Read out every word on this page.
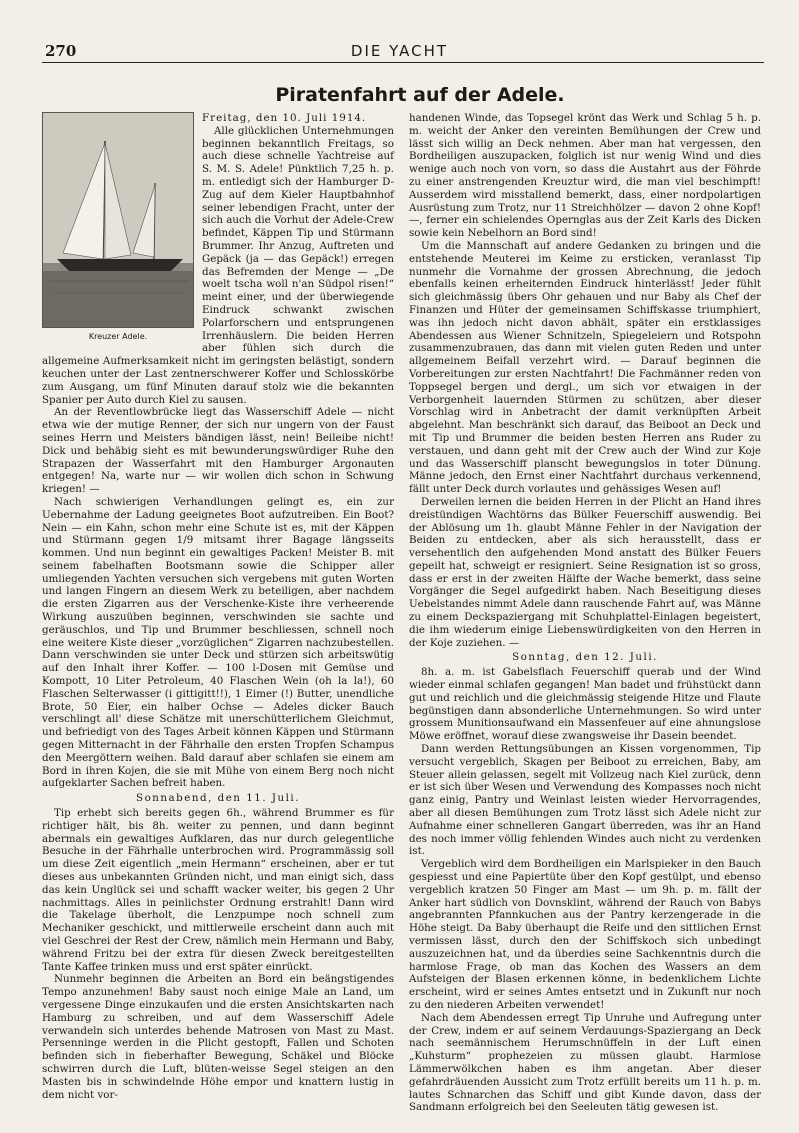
270	DIE YACHT
Piratenfahrt auf der Adele.
Kreuzer Adele.

Freitag, den 10. Juli 1914.

Alle glücklichen Unternehmungen beginnen bekanntlich Freitags, so auch diese schnelle Yachtreise auf S. M. S. Adele! Pünktlich 7,25 h. p. m. entledigt sich der Hamburger D-Zug auf dem Kieler Hauptbahnhof seiner lebendigen Fracht, unter der sich auch die Vorhut der Adele-Crew befindet, Käppen Tip und Stürmann Brummer. Ihr Anzug, Auftreten und Gepäck (ja — das Gepäck!) erregen das Befremden der Menge — „De woelt tscha woll n'an Südpol risen!“ meint einer, und der überwiegende Eindruck schwankt zwischen Polarforschern und entsprungenen Irrenhäuslern. Die beiden Herren aber fühlen sich durch die allgemeine Aufmerksamkeit nicht im geringsten belästigt, sondern keuchen unter der Last zentnerschwerer Koffer und Schlosskörbe zum Ausgang, um fünf Minuten darauf stolz wie die bekannten Spanier per Auto durch Kiel zu sausen.

An der Reventlowbrücke liegt das Wasserschiff Adele — nicht etwa wie der mutige Renner, der sich nur ungern von der Faust seines Herrn und Meisters bändigen lässt, nein! Beileibe nicht! Dick und behäbig sieht es mit bewunderungswürdiger Ruhe den Strapazen der Wasserfahrt mit den Hamburger Argonauten entgegen! Na, warte nur — wir wollen dich schon in Schwung kriegen! —

Nach schwierigen Verhandlungen gelingt es, ein zur Uebernahme der Ladung geeignetes Boot aufzutreiben. Ein Boot? Nein — ein Kahn, schon mehr eine Schute ist es, mit der Käppen und Stürmann gegen 1/9 mitsamt ihrer Bagage längsseits kommen. Und nun beginnt ein gewaltiges Packen! Meister B. mit seinem fabelhaften Bootsmann sowie die Schipper aller umliegenden Yachten versuchen sich vergebens mit guten Worten und langen Fingern an diesem Werk zu beteiligen, aber nachdem die ersten Zigarren aus der Verschenke-Kiste ihre verheerende Wirkung auszuüben beginnen, verschwinden sie sachte und geräuschlos, und Tip und Brummer beschliessen, schnell noch eine weitere Kiste dieser „vorzüglichen“ Zigarren nachzubestellen. Dann verschwinden sie unter Deck und stürzen sich arbeitswütig auf den Inhalt ihrer Koffer. — 100 l-Dosen mit Gemüse und Kompott, 10 Liter Petroleum, 40 Flaschen Wein (oh la la!), 60 Flaschen Selterwasser (i gittigitt!!), 1 Eimer (!) Butter, unendliche Brote, 50 Eier, ein halber Ochse — Adeles dicker Bauch verschlingt all' diese Schätze mit unerschütterlichem Gleichmut, und befriedigt von des Tages Arbeit können Käppen und Stürmann gegen Mitternacht in der Fährhalle den ersten Tropfen Schampus den Meergöttern weihen. Bald darauf aber schlafen sie einem am Bord in ihren Kojen, die sie mit Mühe von einem Berg noch nicht aufgeklarter Sachen befreit haben.

Sonnabend, den 11. Juli.

Tip erhebt sich bereits gegen 6h., während Brummer es für richtiger hält, bis 8h. weiter zu pennen, und dann beginnt abermals ein gewaltiges Aufklaren, das nur durch gelegentliche Besuche in der Fährhalle unterbrochen wird. Programmässig soll um diese Zeit eigentlich „mein Hermann“ erscheinen, aber er tut dieses aus unbekannten Gründen nicht, und man einigt sich, dass das kein Unglück sei und schafft wacker weiter, bis gegen 2 Uhr nachmittags. Alles in peinlichster Ordnung erstrahlt! Dann wird die Takelage überholt, die Lenzpumpe noch schnell zum Mechaniker geschickt, und mittlerweile erscheint dann auch mit viel Geschrei der Rest der Crew, nämlich mein Hermann und Baby, während Fritzu bei der extra für diesen Zweck bereitgestellten Tante Kaffee trinken muss und erst später einrückt.

Nunmehr beginnen die Arbeiten an Bord ein beängstigendes Tempo anzunehmen! Baby saust noch einige Male an Land, um vergessene Dinge einzukaufen und die ersten Ansichtskarten nach Hamburg zu schreiben, und auf dem Wasserschiff Adele verwandeln sich unterdes behende Matrosen von Mast zu Mast. Persenninge werden in die Plicht gestopft, Fallen und Schoten befinden sich in fieberhafter Bewegung, Schäkel und Blöcke schwirren durch die Luft, blüten-weisse Segel steigen an den Masten bis in schwindelnde Höhe empor und knattern lustig in dem nicht vor-

handenen Winde, das Topsegel krönt das Werk und Schlag 5 h. p. m. weicht der Anker den vereinten Bemühungen der Crew und lässt sich willig an Deck nehmen. Aber man hat vergessen, den Bordheiligen auszupacken, folglich ist nur wenig Wind und dies wenige auch noch von vorn, so dass die Austahrt aus der Föhrde zu einer anstrengenden Kreuztur wird, die man viel beschimpft! Ausserdem wird misstallend bemerkt, dass, einer nordpolartigen Ausrüstung zum Trotz, nur 11 Streichhölzer — davon 2 ohne Kopf! —, ferner ein schielendes Opernglas aus der Zeit Karls des Dicken sowie kein Nebelhorn an Bord sind!

Um die Mannschaft auf andere Gedanken zu bringen und die entstehende Meuterei im Keime zu ersticken, veranlasst Tip nunmehr die Vornahme der grossen Abrechnung, die jedoch ebenfalls keinen erheiternden Eindruck hinterlässt! Jeder fühlt sich gleichmässig übers Ohr gehauen und nur Baby als Chef der Finanzen und Hüter der gemeinsamen Schiffskasse triumphiert, was ihn jedoch nicht davon abhält, später ein erstklassiges Abendessen aus Wiener Schnitzeln, Spiegeleiern und Rotspohn zusammenzubrauen, das dann mit vielen guten Reden und unter allgemeinem Beifall verzehrt wird. — Darauf beginnen die Vorbereitungen zur ersten Nachtfahrt! Die Fachmänner reden von Toppsegel bergen und dergl., um sich vor etwaigen in der Verborgenheit lauernden Stürmen zu schützen, aber dieser Vorschlag wird in Anbetracht der damit verknüpften Arbeit abgelehnt. Man beschränkt sich darauf, das Beiboot an Deck und mit Tip und Brummer die beiden besten Herren ans Ruder zu verstauen, und dann geht mit der Crew auch der Wind zur Koje und das Wasserschiff planscht bewegungslos in toter Dünung. Männe jedoch, den Ernst einer Nachtfahrt durchaus verkennend, fällt unter Deck durch vorlautes und gehässiges Wesen auf!

Derweilen lernen die beiden Herren in der Plicht an Hand ihres dreistündigen Wachtörns das Bülker Feuerschiff auswendig. Bei der Ablösung um 1h. glaubt Männe Fehler in der Navigation der Beiden zu entdecken, aber als sich herausstellt, dass er versehentlich den aufgehenden Mond anstatt des Bülker Feuers gepeilt hat, schweigt er resigniert. Seine Resignation ist so gross, dass er erst in der zweiten Hälfte der Wache bemerkt, dass seine Vorgänger die Segel aufgedirkt haben. Nach Beseitigung dieses Uebelstandes nimmt Adele dann rauschende Fahrt auf, was Männe zu einem Deckspaziergang mit Schuhplattel-Einlagen begeistert, die ihm wiederum einige Liebenswürdigkeiten von den Herren in der Koje zuziehen. —

Sonntag, den 12. Juli.

8h. a. m. ist Gabelsflach Feuerschiff querab und der Wind wieder einmal schlafen gegangen! Man badet und frühstückt dann gut und reichlich und die gleichmässig steigende Hitze und Flaute begünstigen dann absonderliche Unternehmungen. So wird unter grossem Munitionsaufwand ein Massenfeuer auf eine ahnungslose Möwe eröffnet, worauf diese zwangsweise ihr Dasein beendet.

Dann werden Rettungsübungen an Kissen vorgenommen, Tip versucht vergeblich, Skagen per Beiboot zu erreichen, Baby, am Steuer allein gelassen, segelt mit Vollzeug nach Kiel zurück, denn er ist sich über Wesen und Verwendung des Kompasses noch nicht ganz einig, Pantry und Weinlast leisten wieder Hervorragendes, aber all diesen Bemühungen zum Trotz lässt sich Adele nicht zur Aufnahme einer schnelleren Gangart überreden, was ihr an Hand des noch immer völlig fehlenden Windes auch nicht zu verdenken ist.

Vergeblich wird dem Bordheiligen ein Marlspieker in den Bauch gespiesst und eine Papiertüte über den Kopf gestülpt, und ebenso vergeblich kratzen 50 Finger am Mast — um 9h. p. m. fällt der Anker hart südlich von Dovnsklint, während der Rauch von Babys angebrannten Pfannkuchen aus der Pantry kerzengerade in die Höhe steigt. Da Baby überhaupt die Reife und den sittlichen Ernst vermissen lässt, durch den der Schiffskoch sich unbedingt auszuzeichnen hat, und da überdies seine Sachkenntnis durch die harmlose Frage, ob man das Kochen des Wassers an dem Aufsteigen der Blasen erkennen könne, in bedenklichem Lichte erscheint, wird er seines Amtes entsetzt und in Zukunft nur noch zu den niederen Arbeiten verwendet!

Nach dem Abendessen erregt Tip Unruhe und Aufregung unter der Crew, indem er auf seinem Verdauungs-Spaziergang an Deck nach seemännischem Herumschnüffeln in der Luft einen „Kuhsturm“ prophezeien zu müssen glaubt. Harmlose Lämmerwölkchen haben es ihm angetan. Aber dieser gefahrdräuenden Aussicht zum Trotz erfüllt bereits um 11 h. p. m. lautes Schnarchen das Schiff und gibt Kunde davon, dass der Sandmann erfolgreich bei den Seeleuten tätig gewesen ist.
